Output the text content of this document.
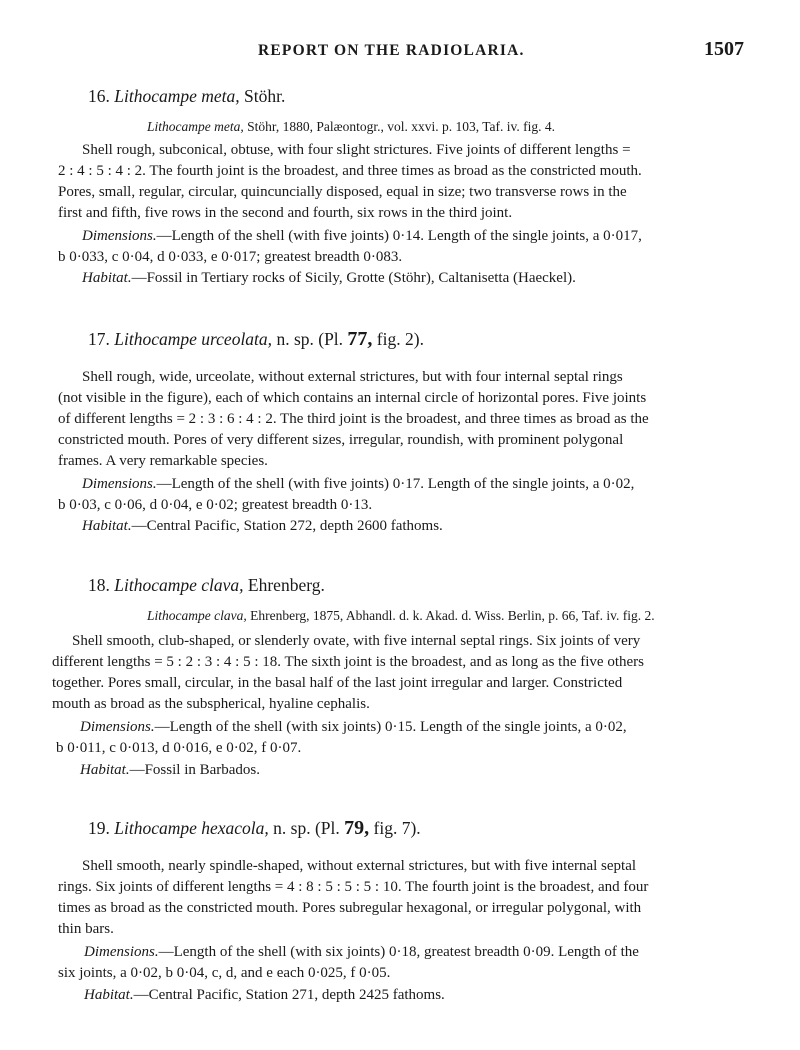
REPORT ON THE RADIOLARIA.	1507
16. Lithocampe meta, Stöhr.
Lithocampe meta, Stöhr, 1880, Palæontogr., vol. xxvi. p. 103, Taf. iv. fig. 4.
Shell rough, subconical, obtuse, with four slight strictures. Five joints of different lengths =
2 : 4 : 5 : 4 : 2. The fourth joint is the broadest, and three times as broad as the constricted mouth.
Pores, small, regular, circular, quincuncially disposed, equal in size; two transverse rows in the
first and fifth, five rows in the second and fourth, six rows in the third joint.
Dimensions.—Length of the shell (with five joints) 0·14. Length of the single joints, a 0·017,
b 0·033, c 0·04, d 0·033, e 0·017; greatest breadth 0·083.
Habitat.—Fossil in Tertiary rocks of Sicily, Grotte (Stöhr), Caltanisetta (Haeckel).
17. Lithocampe urceolata, n. sp. (Pl. 77, fig. 2).
Shell rough, wide, urceolate, without external strictures, but with four internal septal rings
(not visible in the figure), each of which contains an internal circle of horizontal pores. Five joints
of different lengths = 2 : 3 : 6 : 4 : 2. The third joint is the broadest, and three times as broad as the
constricted mouth. Pores of very different sizes, irregular, roundish, with prominent polygonal
frames. A very remarkable species.
Dimensions.—Length of the shell (with five joints) 0·17. Length of the single joints, a 0·02,
b 0·03, c 0·06, d 0·04, e 0·02; greatest breadth 0·13.
Habitat.—Central Pacific, Station 272, depth 2600 fathoms.
18. Lithocampe clava, Ehrenberg.
Lithocampe clava, Ehrenberg, 1875, Abhandl. d. k. Akad. d. Wiss. Berlin, p. 66, Taf. iv. fig. 2.
Shell smooth, club-shaped, or slenderly ovate, with five internal septal rings. Six joints of very
different lengths = 5 : 2 : 3 : 4 : 5 : 18. The sixth joint is the broadest, and as long as the five others
together. Pores small, circular, in the basal half of the last joint irregular and larger. Constricted
mouth as broad as the subspherical, hyaline cephalis.
Dimensions.—Length of the shell (with six joints) 0·15. Length of the single joints, a 0·02,
b 0·011, c 0·013, d 0·016, e 0·02, f 0·07.
Habitat.—Fossil in Barbados.
19. Lithocampe hexacola, n. sp. (Pl. 79, fig. 7).
Shell smooth, nearly spindle-shaped, without external strictures, but with five internal septal
rings. Six joints of different lengths = 4 : 8 : 5 : 5 : 5 : 10. The fourth joint is the broadest, and four
times as broad as the constricted mouth. Pores subregular hexagonal, or irregular polygonal, with
thin bars.
Dimensions.—Length of the shell (with six joints) 0·18, greatest breadth 0·09. Length of the
six joints, a 0·02, b 0·04, c, d, and e each 0·025, f 0·05.
Habitat.—Central Pacific, Station 271, depth 2425 fathoms.
